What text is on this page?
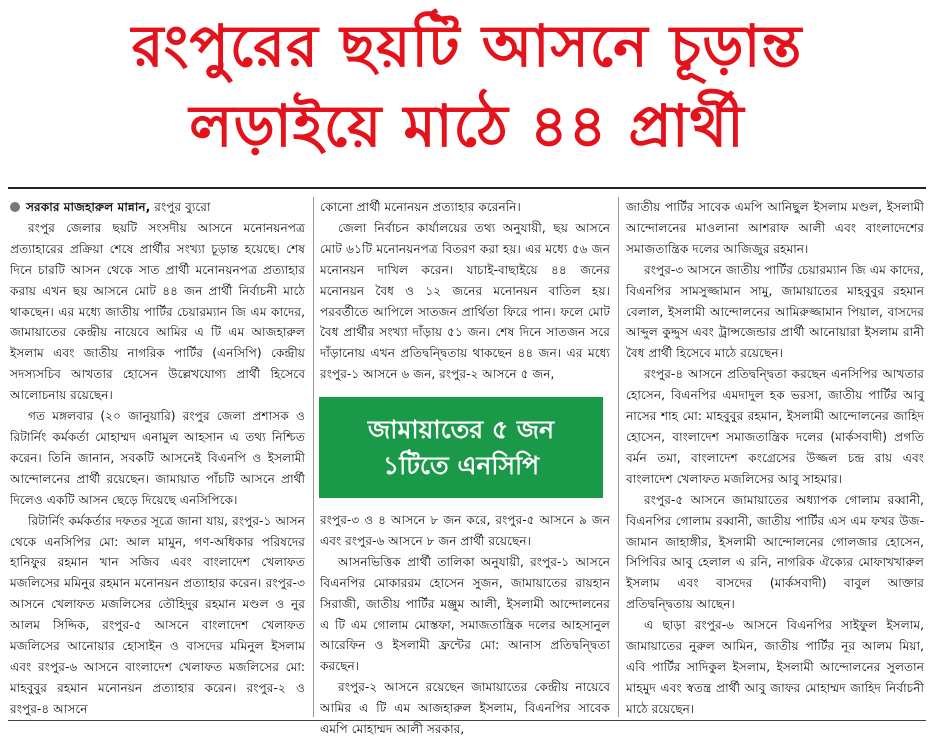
রংপুরের ছয়টি আসনে চূড়ান্ত
লড়াইয়ে মাঠে ৪৪ প্রার্থী
সরকার মাজহারুল মান্নান, রংপুর ব্যুরো

রংপুর জেলার ছয়টি সংসদীয় আসনে মনোনয়নপত্র প্রত্যাহারের প্রক্রিয়া শেষে প্রার্থীর সংখ্যা চূড়ান্ত হয়েছে। শেষ দিনে চারটি আসন থেকে সাত প্রার্থী মনোনয়নপত্র প্রত্যাহার করায় এখন ছয় আসনে মোট ৪৪ জন প্রার্থী নির্বাচনী মাঠে থাকছেন। এর মধ্যে জাতীয় পার্টির চেয়ারম্যান জি এম কাদের, জামায়াতের কেন্দ্রীয় নায়েবে আমির এ টি এম আজহারুল ইসলাম এবং জাতীয় নাগরিক পার্টির (এনসিপি) কেন্দ্রীয় সদস্যসচিব আখতার হোসেন উল্লেখযোগ্য প্রার্থী হিসেবে আলোচনায় রয়েছেন।

গত মঙ্গলবার (২০ জানুয়ারি) রংপুর জেলা প্রশাসক ও রিটার্নিং কর্মকর্তা মোহাম্মদ এনামুল আহসান এ তথ্য নিশ্চিত করেন। তিনি জানান, সবকটি আসনেই বিএনপি ও ইসলামী আন্দোলনের প্রার্থী রয়েছেন। জামায়াত পাঁচটি আসনে প্রার্থী দিলেও একটি আসন ছেড়ে দিয়েছে এনসিপিকে।

রিটার্নিং কর্মকর্তার দফতর সূত্রে জানা যায়, রংপুর-১ আসন থেকে এনসিপির মো: আল মামুন, গণ-অধিকার পরিষদের হানিফুর রহমান খান সজিব এবং বাংলাদেশ খেলাফত মজলিসের মমিনুর রহমান মনোনয়ন প্রত্যাহার করেন। রংপুর-৩ আসনে খেলাফত মজলিসের তৌহিদুর রহমান মণ্ডল ও নুর আলম সিদ্দিক, রংপুর-৫ আসনে বাংলাদেশ খেলাফত মজলিসের আনোয়ার হোসাইন ও বাসদের মমিনুল ইসলাম এবং রংপুর-৬ আসনে বাংলাদেশ খেলাফত মজলিসের মো: মাহবুবুর রহমান মনোনয়ন প্রত্যাহার করেন। রংপুর-২ ও রংপুর-৪ আসনে

কোনো প্রার্থী মনোনয়ন প্রত্যাহার করেননি।

জেলা নির্বাচন কার্যালয়ের তথ্য অনুযায়ী, ছয় আসনে মোট ৬১টি মনোনয়নপত্র বিতরণ করা হয়। এর মধ্যে ৫৬ জন মনোনয়ন দাখিল করেন। যাচাই-বাছাইয়ে ৪৪ জনের মনোনয়ন বৈধ ও ১২ জনের মনোনয়ন বাতিল হয়। পরবর্তীতে আপিলে সাতজন প্রার্থিতা ফিরে পান। ফলে মোট বৈধ প্রার্থীর সংখ্যা দাঁড়ায় ৫১ জন। শেষ দিনে সাতজন সরে দাঁড়ানোয় এখন প্রতিদ্বন্দ্বিতায় থাকছেন ৪৪ জন। এর মধ্যে রংপুর-১ আসনে ৬ জন, রংপুর-২ আসনে ৫ জন,

জামায়াতের ৫ জন
১টিতে এনসিপি

রংপুর-৩ ও ৪ আসনে ৮ জন করে, রংপুর-৫ আসনে ৯ জন এবং রংপুর-৬ আসনে ৮ জন প্রার্থী রয়েছেন।

আসনভিত্তিক প্রার্থী তালিকা অনুযায়ী, রংপুর-১ আসনে বিএনপির মোকাররম হোসেন সুজন, জামায়াতের রায়হান সিরাজী, জাতীয় পার্টির মঞ্জুম আলী, ইসলামী আন্দোলনের এ টি এম গোলাম মোস্তফা, সমাজতান্ত্রিক দলের আহসানুল আরেফিন ও ইসলামী ফ্রন্টের মো: আনাস প্রতিদ্বন্দ্বিতা করছেন।

রংপুর-২ আসনে রয়েছেন জামায়াতের কেন্দ্রীয় নায়েবে আমির এ টি এম আজহারুল ইসলাম, বিএনপির সাবেক এমপি মোহাম্মদ আলী সরকার,

জাতীয় পার্টির সাবেক এমপি আনিছুল ইসলাম মণ্ডল, ইসলামী আন্দোলনের মাওলানা আশরাফ আলী এবং বাংলাদেশের সমাজতান্ত্রিক দলের আজিজুর রহমান।

রংপুর-৩ আসনে জাতীয় পার্টির চেয়ারম্যান জি এম কাদের, বিএনপির সামসুজ্জামান সামু, জামায়াতের মাহবুবুর রহমান বেলাল, ইসলামী আন্দোলনের আমিরুজ্জামান পিয়াল, বাসদের আব্দুল কুদ্দুস এবং ট্রান্সজেন্ডার প্রার্থী আনোয়ারা ইসলাম রানী বৈধ প্রার্থী হিসেবে মাঠে রয়েছেন।

রংপুর-৪ আসনে প্রতিদ্বন্দ্বিতা করছেন এনসিপির আখতার হোসেন, বিএনপির এমদাদুল হক ভরসা, জাতীয় পার্টির আবু নাসের শাহ মো: মাহবুবুর রহমান, ইসলামী আন্দোলনের জাহিদ হোসেন, বাংলাদেশ সমাজতান্ত্রিক দলের (মার্কসবাদী) প্রগতি বর্মন তমা, বাংলাদেশ কংগ্রেসের উজ্জল চন্দ্র রায় এবং বাংলাদেশ খেলাফত মজলিসের আবু সাহমার।

রংপুর-৫ আসনে জামায়াতের অধ্যাপক গোলাম রব্বানী, বিএনপির গোলাম রব্বানী, জাতীয় পার্টির এস এম ফখর উজ-জামান জাহাঙ্গীর, ইসলামী আন্দোলনের গোলজার হোসেন, সিপিবির আবু হেলাল এ রনি, নাগরিক ঐক্যের মোফাখখারুল ইসলাম এবং বাসদের (মার্কসবাদী) বাবুল আক্তার প্রতিদ্বন্দ্বিতায় আছেন।

এ ছাড়া রংপুর-৬ আসনে বিএনপির সাইফুল ইসলাম, জামায়াতের নুরুল আমিন, জাতীয় পার্টির নূর আলম মিয়া, এবি পার্টির সাদিকুল ইসলাম, ইসলামী আন্দোলনের সুলতান মাহমুদ এবং স্বতন্ত্র প্রার্থী আবু জাফর মোহাম্মদ জাহিদ নির্বাচনী মাঠে রয়েছেন।
